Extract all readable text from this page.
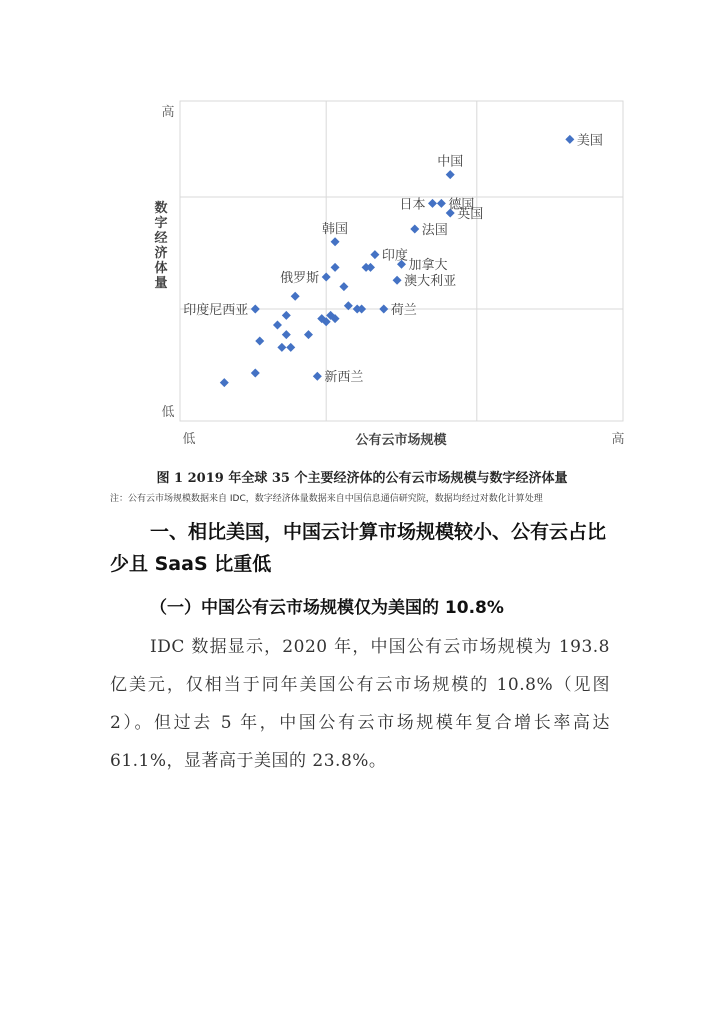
高
低
低	高
公有云市场规模
数字经济体量
美国
中国
日本 德国
英国
法国
韩国
印度
加拿大
俄罗斯	澳大利亚
荷兰
印度尼西亚
新西兰
图 1 2019 年全球 35 个主要经济体的公有云市场规模与数字经济体量
注：公有云市场规模数据来自 IDC，数字经济体量数据来自中国信息通信研究院，数据均经过对数化计算处理
一、相比美国，中国云计算市场规模较小、公有云占比少且 SaaS 比重低
（一）中国公有云市场规模仅为美国的 10.8%
IDC 数据显示，2020 年，中国公有云市场规模为 193.8 亿美元，仅相当于同年美国公有云市场规模的 10.8%（见图 2）。但过去 5 年，中国公有云市场规模年复合增长率高达 61.1%，显著高于美国的 23.8%。
